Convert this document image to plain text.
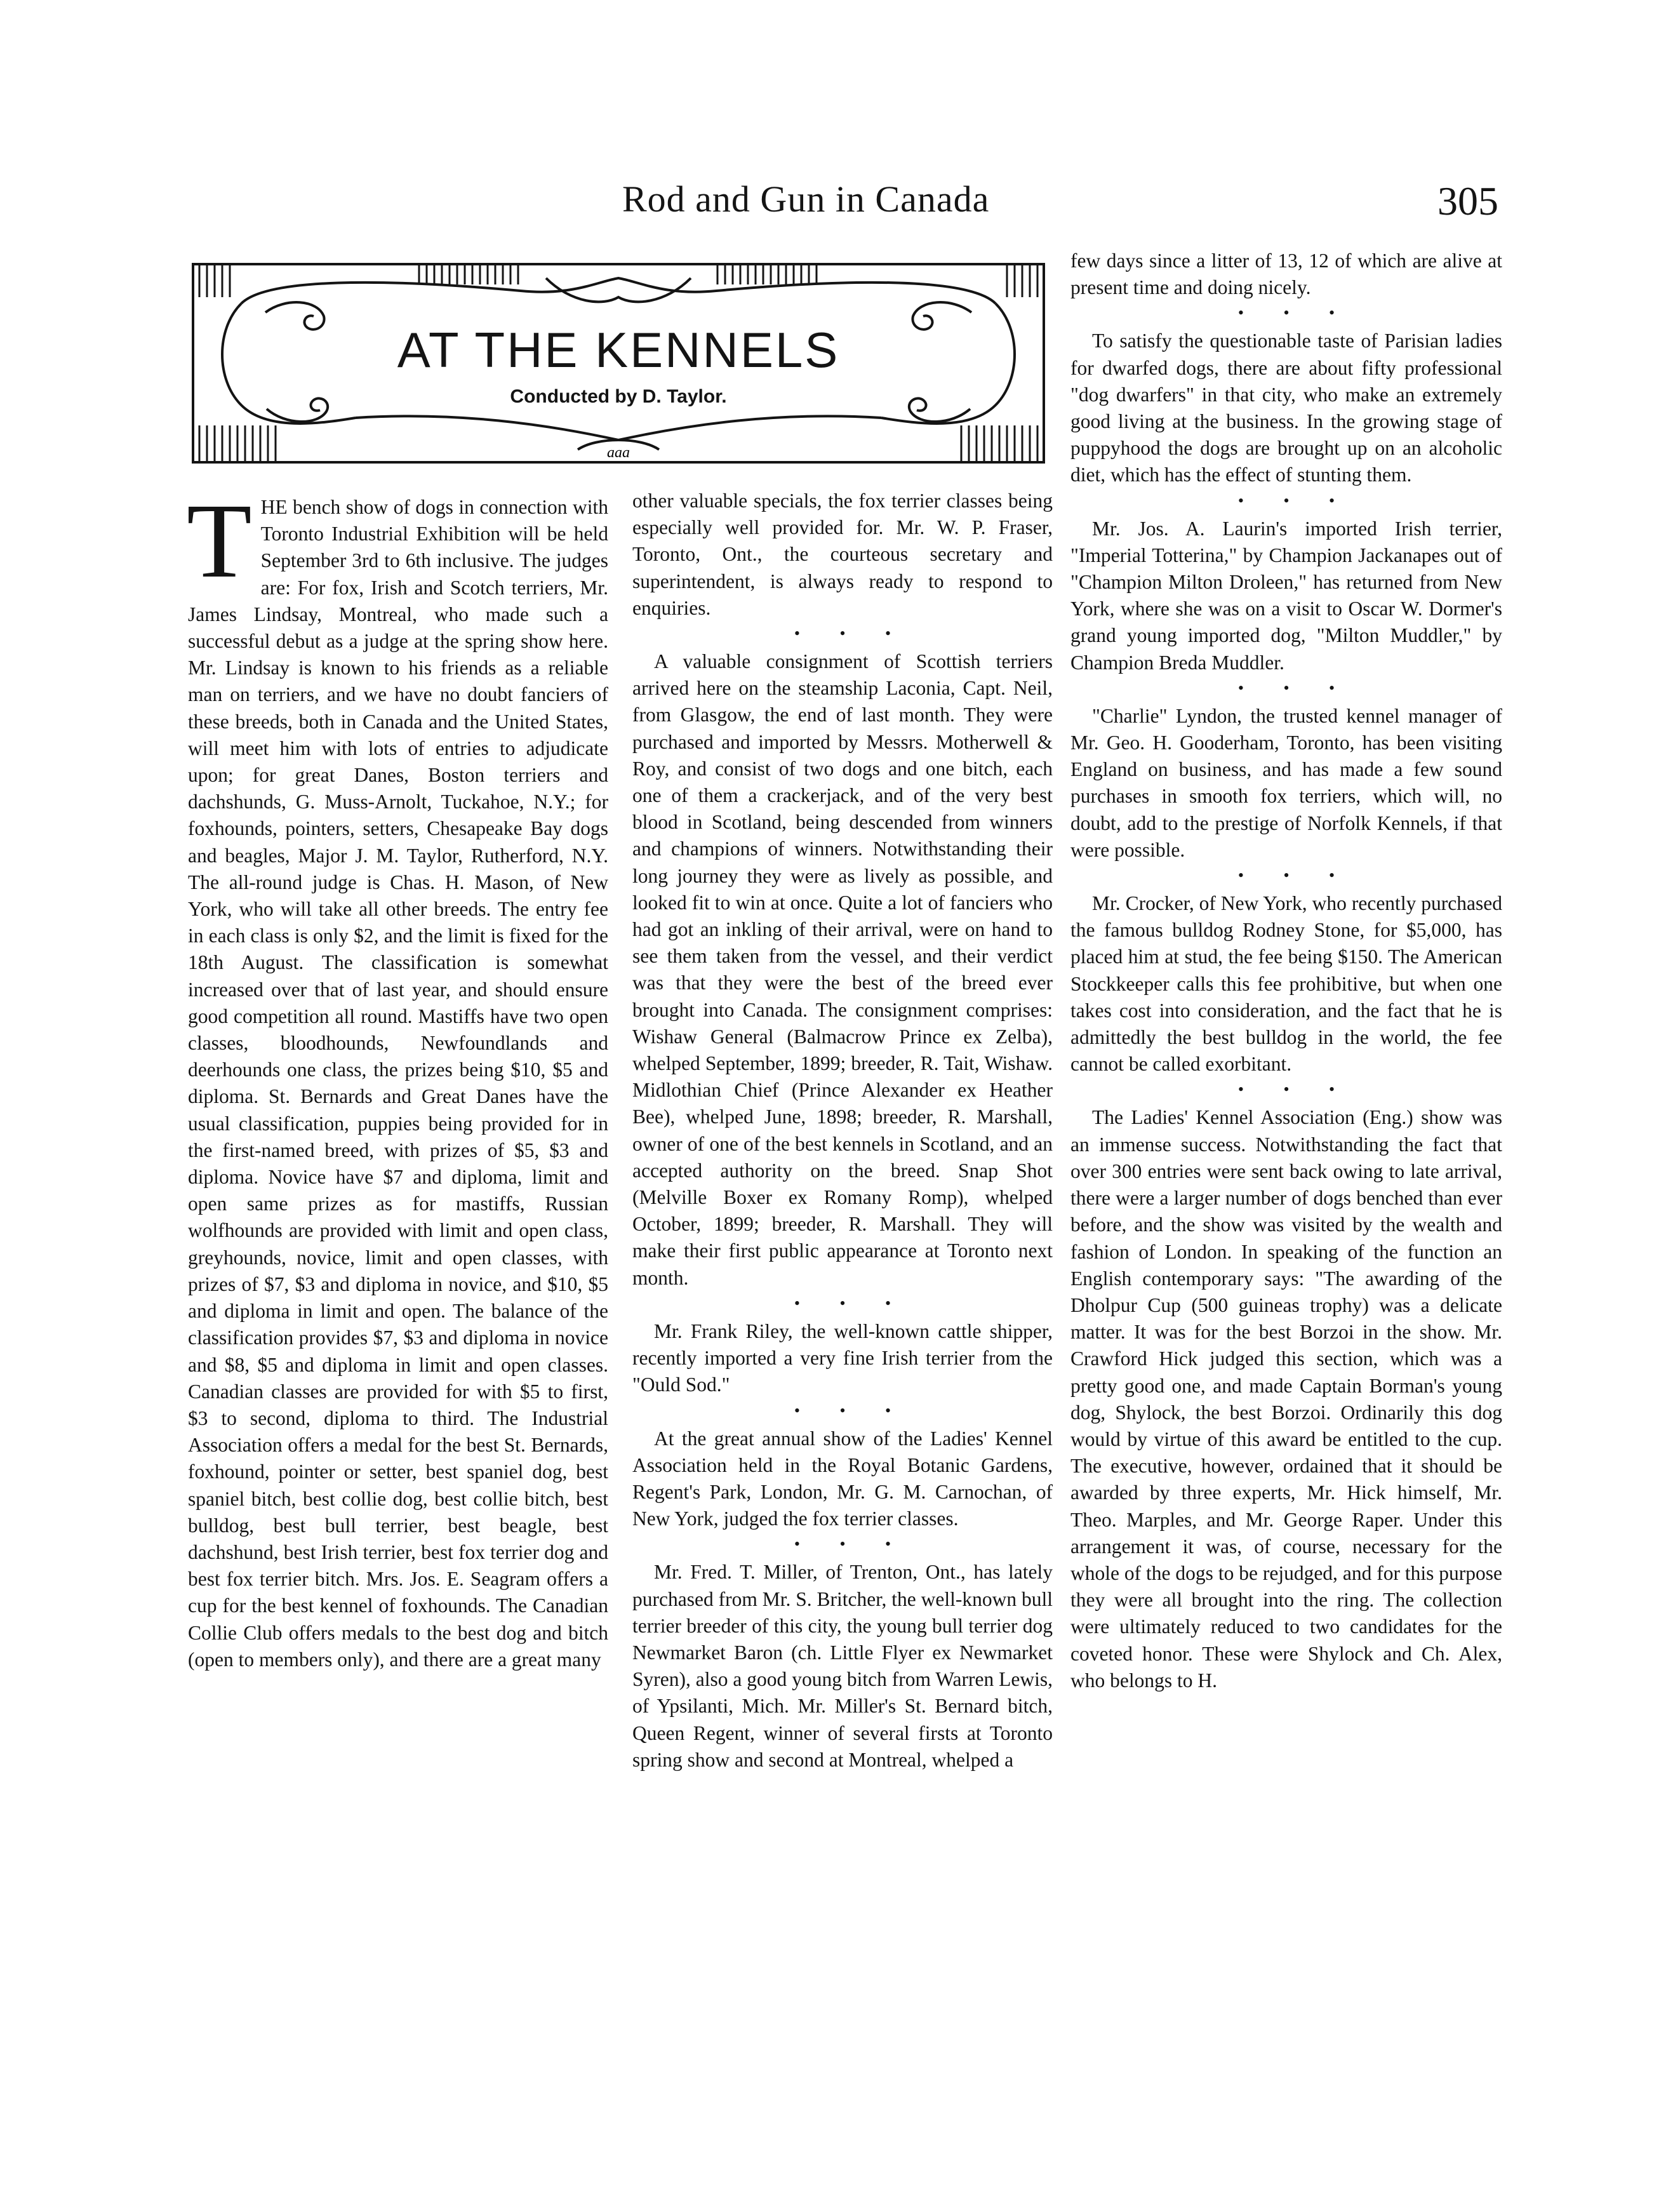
Rod and Gun in Canada	305
aaa
AT THE KENNELS
Conducted by D. Taylor.
T HE bench show of dogs in connection with Toronto Industrial Exhibition will be held September 3rd to 6th inclusive. The judges are: For fox, Irish and Scotch terriers, Mr. James Lindsay, Montreal, who made such a successful debut as a judge at the spring show here. Mr. Lindsay is known to his friends as a reliable man on terriers, and we have no doubt fanciers of these breeds, both in Canada and the United States, will meet him with lots of entries to adjudicate upon; for great Danes, Boston terriers and dachshunds, G. Muss-Arnolt, Tuckahoe, N.Y.; for foxhounds, pointers, setters, Chesapeake Bay dogs and beagles, Major J. M. Taylor, Rutherford, N.Y. The all-round judge is Chas. H. Mason, of New York, who will take all other breeds. The entry fee in each class is only $2, and the limit is fixed for the 18th August. The classification is somewhat increased over that of last year, and should ensure good competition all round. Mastiffs have two open classes, bloodhounds, Newfoundlands and deerhounds one class, the prizes being $10, $5 and diploma. St. Bernards and Great Danes have the usual classification, puppies being provided for in the first-named breed, with prizes of $5, $3 and diploma. Novice have $7 and diploma, limit and open same prizes as for mastiffs, Russian wolfhounds are provided with limit and open class, greyhounds, novice, limit and open classes, with prizes of $7, $3 and diploma in novice, and $10, $5 and diploma in limit and open. The balance of the classification provides $7, $3 and diploma in novice and $8, $5 and diploma in limit and open classes. Canadian classes are provided for with $5 to first, $3 to second, diploma to third. The Industrial Association offers a medal for the best St. Bernards, foxhound, pointer or setter, best spaniel dog, best spaniel bitch, best collie dog, best collie bitch, best bulldog, best bull terrier, best beagle, best dachshund, best Irish terrier, best fox terrier dog and best fox terrier bitch. Mrs. Jos. E. Seagram offers a cup for the best kennel of foxhounds. The Canadian Collie Club offers medals to the best dog and bitch (open to members only), and there are a great many

other valuable specials, the fox terrier classes being especially well provided for. Mr. W. P. Fraser, Toronto, Ont., the courteous secretary and superintendent, is always ready to respond to enquiries.

• • •

A valuable consignment of Scottish terriers arrived here on the steamship Laconia, Capt. Neil, from Glasgow, the end of last month. They were purchased and imported by Messrs. Motherwell & Roy, and consist of two dogs and one bitch, each one of them a crackerjack, and of the very best blood in Scotland, being descended from winners and champions of winners. Notwithstanding their long journey they were as lively as possible, and looked fit to win at once. Quite a lot of fanciers who had got an inkling of their arrival, were on hand to see them taken from the vessel, and their verdict was that they were the best of the breed ever brought into Canada. The consignment comprises: Wishaw General (Balmacrow Prince ex Zelba), whelped September, 1899; breeder, R. Tait, Wishaw. Midlothian Chief (Prince Alexander ex Heather Bee), whelped June, 1898; breeder, R. Marshall, owner of one of the best kennels in Scotland, and an accepted authority on the breed. Snap Shot (Melville Boxer ex Romany Romp), whelped October, 1899; breeder, R. Marshall. They will make their first public appearance at Toronto next month.

• • •

Mr. Frank Riley, the well-known cattle shipper, recently imported a very fine Irish terrier from the "Ould Sod."

• • •

At the great annual show of the Ladies' Kennel Association held in the Royal Botanic Gardens, Regent's Park, London, Mr. G. M. Carnochan, of New York, judged the fox terrier classes.

• • •

Mr. Fred. T. Miller, of Trenton, Ont., has lately purchased from Mr. S. Britcher, the well-known bull terrier breeder of this city, the young bull terrier dog Newmarket Baron (ch. Little Flyer ex Newmarket Syren), also a good young bitch from Warren Lewis, of Ypsilanti, Mich. Mr. Miller's St. Bernard bitch, Queen Regent, winner of several firsts at Toronto spring show and second at Montreal, whelped a

few days since a litter of 13, 12 of which are alive at present time and doing nicely.

• • •

To satisfy the questionable taste of Parisian ladies for dwarfed dogs, there are about fifty professional "dog dwarfers" in that city, who make an extremely good living at the business. In the growing stage of puppyhood the dogs are brought up on an alcoholic diet, which has the effect of stunting them.

• • •

Mr. Jos. A. Laurin's imported Irish terrier, "Imperial Totterina," by Champion Jackanapes out of "Champion Milton Droleen," has returned from New York, where she was on a visit to Oscar W. Dormer's grand young imported dog, "Milton Muddler," by Champion Breda Muddler.

• • •

"Charlie" Lyndon, the trusted kennel manager of Mr. Geo. H. Gooderham, Toronto, has been visiting England on business, and has made a few sound purchases in smooth fox terriers, which will, no doubt, add to the prestige of Norfolk Kennels, if that were possible.

• • •

Mr. Crocker, of New York, who recently purchased the famous bulldog Rodney Stone, for $5,000, has placed him at stud, the fee being $150. The American Stockkeeper calls this fee prohibitive, but when one takes cost into consideration, and the fact that he is admittedly the best bulldog in the world, the fee cannot be called exorbitant.

• • •

The Ladies' Kennel Association (Eng.) show was an immense success. Notwithstanding the fact that over 300 entries were sent back owing to late arrival, there were a larger number of dogs benched than ever before, and the show was visited by the wealth and fashion of London. In speaking of the function an English contemporary says: "The awarding of the Dholpur Cup (500 guineas trophy) was a delicate matter. It was for the best Borzoi in the show. Mr. Crawford Hick judged this section, which was a pretty good one, and made Captain Borman's young dog, Shylock, the best Borzoi. Ordinarily this dog would by virtue of this award be entitled to the cup. The executive, however, ordained that it should be awarded by three experts, Mr. Hick himself, Mr. Theo. Marples, and Mr. George Raper. Under this arrangement it was, of course, necessary for the whole of the dogs to be rejudged, and for this purpose they were all brought into the ring. The collection were ultimately reduced to two candidates for the coveted honor. These were Shylock and Ch. Alex, who belongs to H.
